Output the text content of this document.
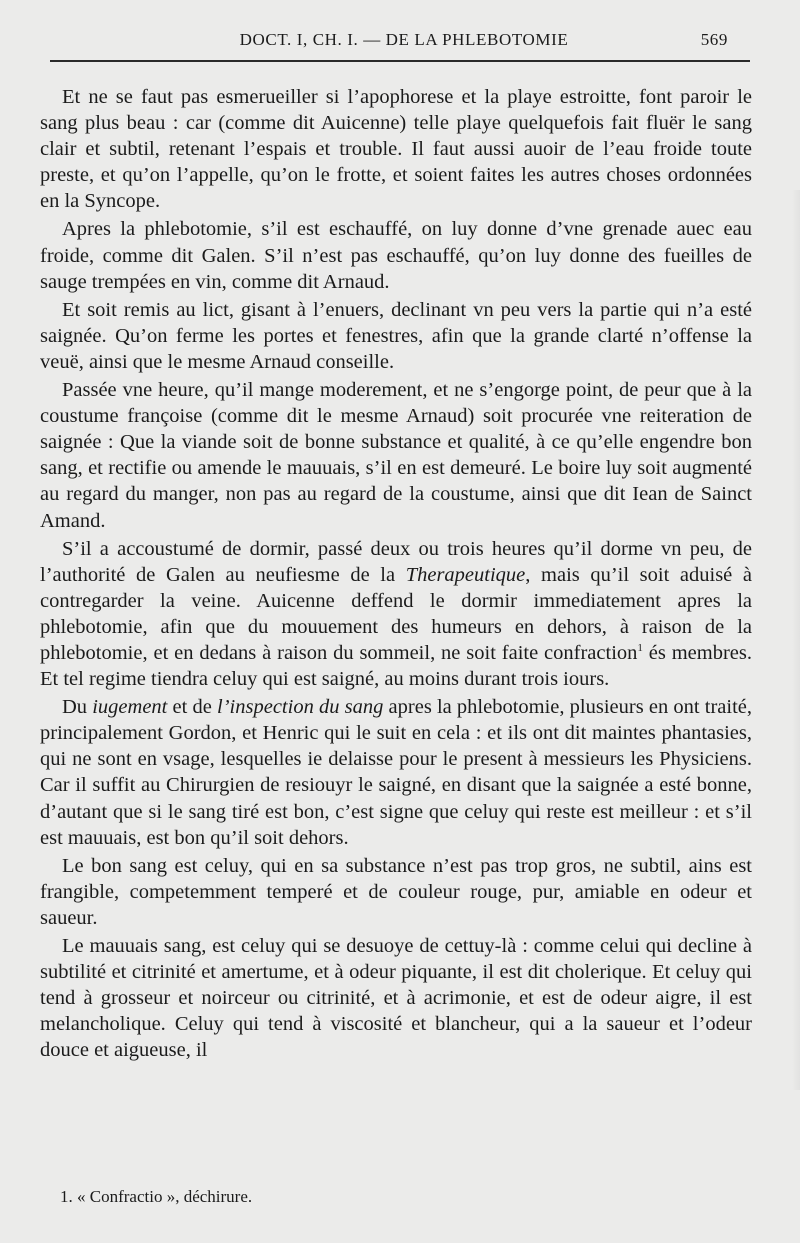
DOCT. I, CH. I. — DE LA PHLEBOTOMIE	569

Et ne se faut pas esmerueiller si l’apophorese et la playe estroitte, font paroir le sang plus beau : car (comme dit Auicenne) telle playe quelquefois fait fluër le sang clair et subtil, retenant l’espais et trouble. Il faut aussi auoir de l’eau froide toute preste, et qu’on l’appelle, qu’on le frotte, et soient faites les autres choses ordonnées en la Syncope.

Apres la phlebotomie, s’il est eschauffé, on luy donne d’vne grenade auec eau froide, comme dit Galen. S’il n’est pas eschauffé, qu’on luy donne des fueilles de sauge trempées en vin, comme dit Arnaud.

Et soit remis au lict, gisant à l’enuers, declinant vn peu vers la partie qui n’a esté saignée. Qu’on ferme les portes et fenestres, afin que la grande clarté n’offense la veuë, ainsi que le mesme Arnaud conseille.

Passée vne heure, qu’il mange moderement, et ne s’engorge point, de peur que à la coustume françoise (comme dit le mesme Arnaud) soit procurée vne reiteration de saignée : Que la viande soit de bonne substance et qualité, à ce qu’elle engendre bon sang, et rectifie ou amende le mauuais, s’il en est demeuré. Le boire luy soit augmenté au regard du manger, non pas au regard de la coustume, ainsi que dit Iean de Sainct Amand.

S’il a accoustumé de dormir, passé deux ou trois heures qu’il dorme vn peu, de l’authorité de Galen au neufiesme de la Therapeutique, mais qu’il soit aduisé à contregarder la veine. Auicenne deffend le dormir immediatement apres la phlebotomie, afin que du mouuement des humeurs en dehors, à raison de la phlebotomie, et en dedans à raison du sommeil, ne soit faite confraction$^1$ és membres. Et tel regime tiendra celuy qui est saigné, au moins durant trois iours.

Du iugement et de l’inspection du sang apres la phlebotomie, plusieurs en ont traité, principalement Gordon, et Henric qui le suit en cela : et ils ont dit maintes phantasies, qui ne sont en vsage, lesquelles ie delaisse pour le present à messieurs les Physiciens. Car il suffit au Chirurgien de resiouyr le saigné, en disant que la saignée a esté bonne, d’autant que si le sang tiré est bon, c’est signe que celuy qui reste est meilleur : et s’il est mauuais, est bon qu’il soit dehors.

Le bon sang est celuy, qui en sa substance n’est pas trop gros, ne subtil, ains est frangible, competemment temperé et de couleur rouge, pur, amiable en odeur et saueur.

Le mauuais sang, est celuy qui se desuoye de cettuy-là : comme celui qui decline à subtilité et citrinité et amertume, et à odeur piquante, il est dit cholerique. Et celuy qui tend à grosseur et noirceur ou citrinité, et à acrimonie, et est de odeur aigre, il est melancholique. Celuy qui tend à viscosité et blancheur, qui a la saueur et l’odeur douce et aigueuse, il

1. « Confractio », déchirure.
